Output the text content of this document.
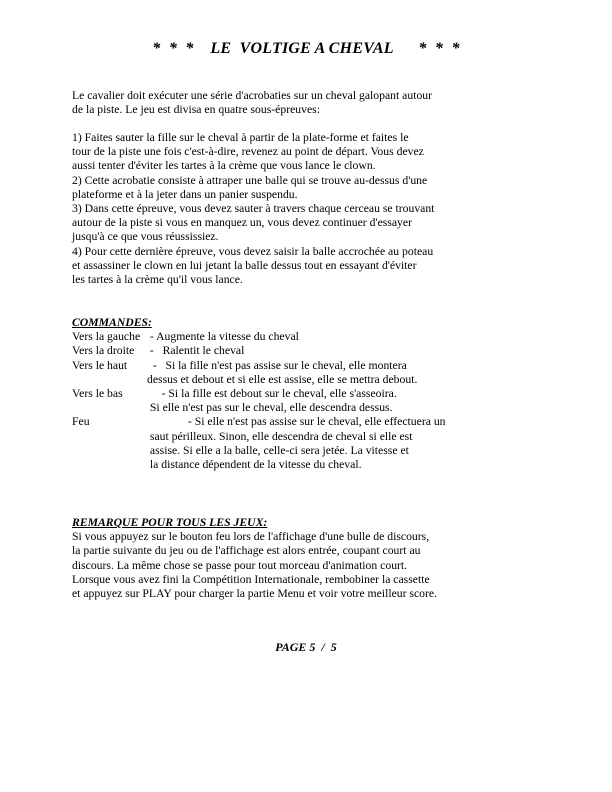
*  *  *    LE  VOLTIGE A CHEVAL      *  *  *
Le cavalier doit exécuter une série d'acrobaties sur un cheval galopant autour
de la piste. Le jeu est divisa en quatre sous-épreuves:
1) Faites sauter la fille sur le cheval à partir de la plate-forme et faites le
tour de la piste une fois c'est-à-dire, revenez au point de départ. Vous devez
aussi tenter d'éviter les tartes à la crème que vous lance le clown.
2) Cette acrobatie consiste à attraper une balle qui se trouve au-dessus d'une
plateforme et à la jeter dans un panier suspendu.
3) Dans cette épreuve, vous devez sauter à travers chaque cerceau se trouvant
autour de la piste si vous en manquez un, vous devez continuer d'essayer
jusqu'à ce que vous réussissiez.
4) Pour cette dernière épreuve, vous devez saisir la balle accrochée au poteau
et assassiner le clown en lui jetant la balle dessus tout en essayant d'éviter
les tartes à la crème qu'il vous lance.
COMMANDES:
Vers la gauche - Augmente la vitesse du cheval
Vers la droite	-   Ralentit le cheval
Vers le haut	-   Si la fille n'est pas assise sur le cheval, elle montera
dessus et debout et si elle est assise, elle se mettra debout.
Vers le bas	- Si la fille est debout sur le cheval, elle s'asseoira.
Si elle n'est pas sur le cheval, elle descendra dessus.
Feu	- Si elle n'est pas assise sur le cheval, elle effectuera un
saut périlleux. Sinon, elle descendra de cheval si elle est
assise. Si elle a la balle, celle-ci sera jetée. La vitesse et
la distance dépendent de la vitesse du cheval.
REMARQUE POUR TOUS LES JEUX:
Si vous appuyez sur le bouton feu lors de l'affichage d'une bulle de discours,
la partie suivante du jeu ou de l'affichage est alors entrée, coupant court au
discours. La même chose se passe pour tout morceau d'animation court.
Lorsque vous avez fini la Compétition Internationale, rembobiner la cassette
et appuyez sur PLAY pour charger la partie Menu et voir votre meilleur score.
PAGE 5  /  5
